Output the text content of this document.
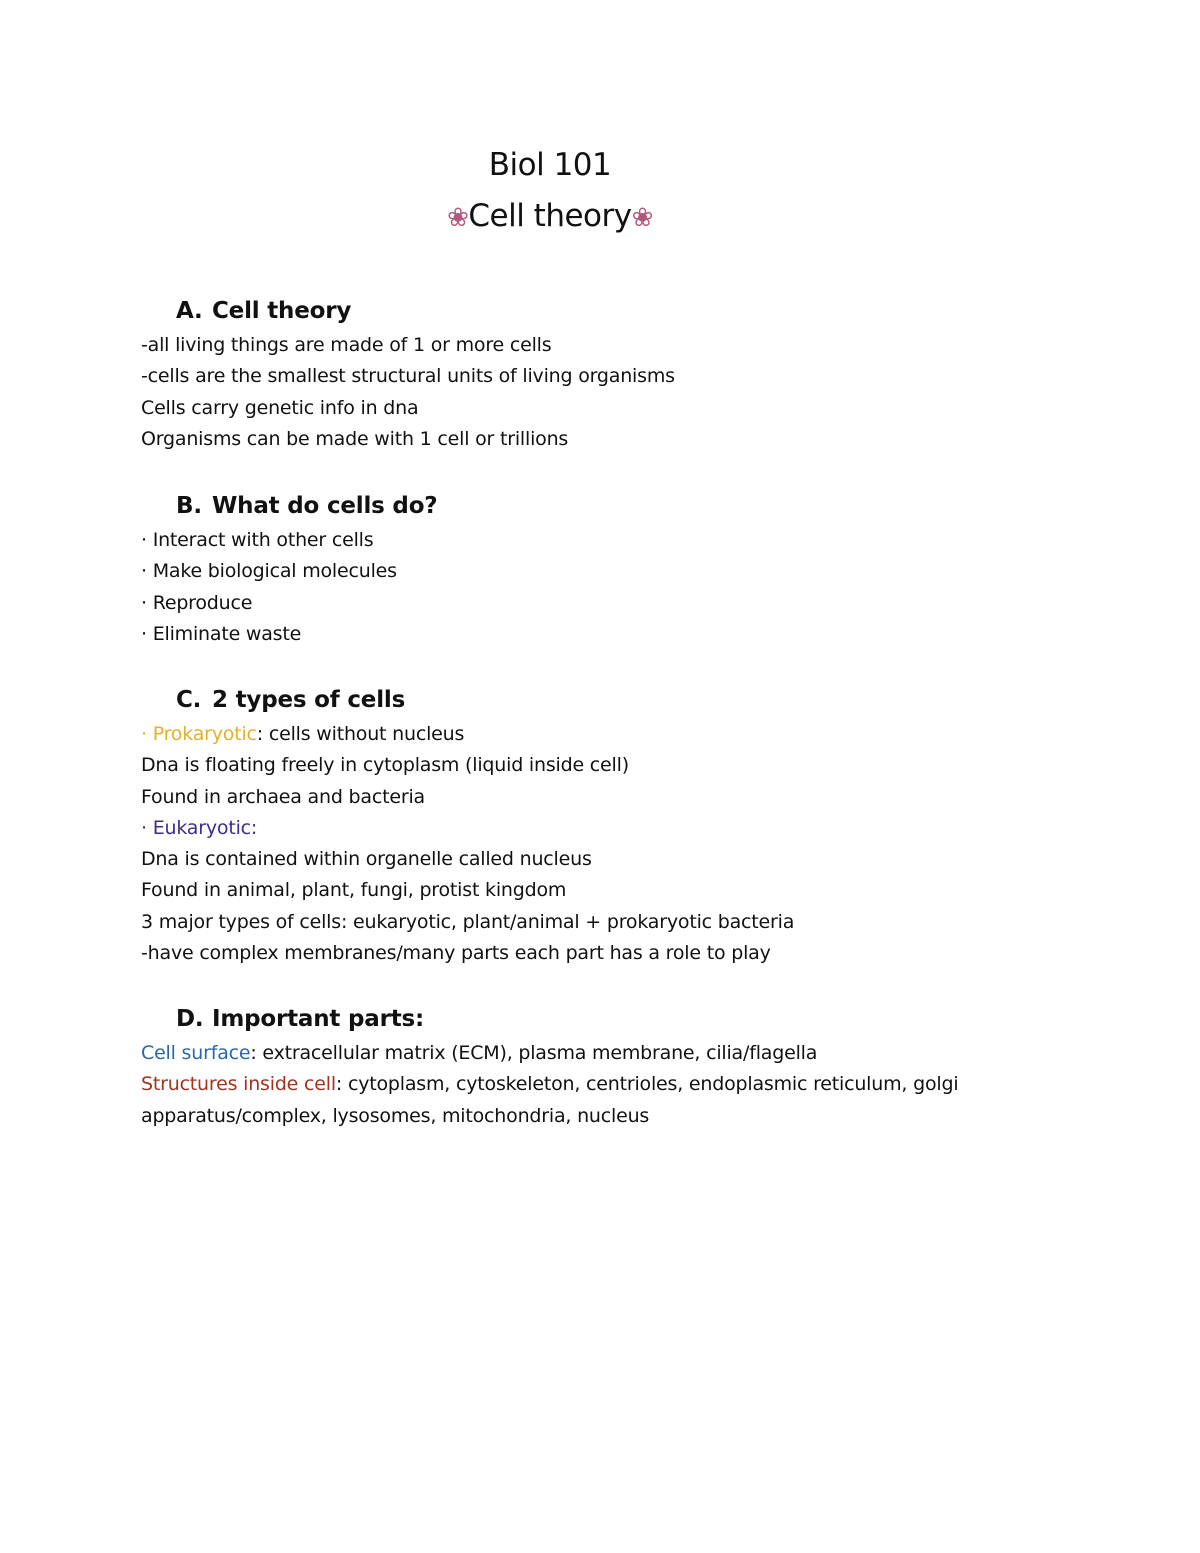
Biol 101
❀Cell theory❀
A. Cell theory
-all living things are made of 1 or more cells
-cells are the smallest structural units of living organisms
Cells carry genetic info in dna
Organisms can be made with 1 cell or trillions
B. What do cells do?
· Interact with other cells
· Make biological molecules
· Reproduce
· Eliminate waste
C. 2 types of cells
· Prokaryotic: cells without nucleus
Dna is floating freely in cytoplasm (liquid inside cell)
Found in archaea and bacteria
· Eukaryotic:
Dna is contained within organelle called nucleus
Found in animal, plant, fungi, protist kingdom
3 major types of cells: eukaryotic, plant/animal + prokaryotic bacteria
-have complex membranes/many parts each part has a role to play
D. Important parts:
Cell surface: extracellular matrix (ECM), plasma membrane, cilia/flagella
Structures inside cell: cytoplasm, cytoskeleton, centrioles, endoplasmic reticulum, golgi
apparatus/complex, lysosomes, mitochondria, nucleus
